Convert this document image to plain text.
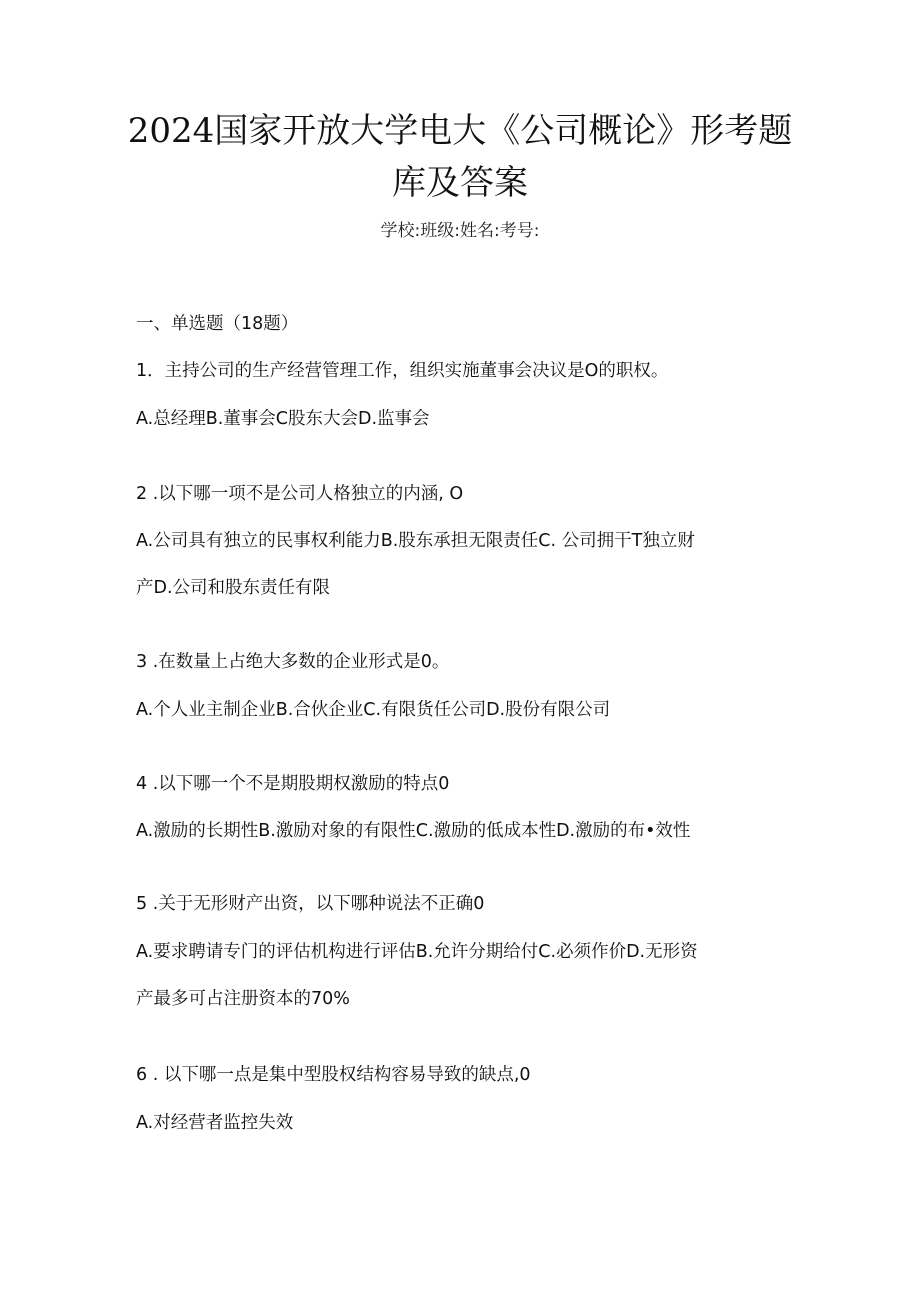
2024国家开放大学电大《公司概论》形考题
库及答案
学校:班级:姓名:考号:
一、单选题（18题）
1．主持公司的生产经营管理工作，组织实施董事会决议是O的职权。
A.总经理B.董事会C股东大会D.监事会
2 .以下哪一项不是公司人格独立的内涵, O
A.公司具有独立的民事权利能力B.股东承担无限责任C. 公司拥干T独立财
产D.公司和股东责任有限
3 .在数量上占绝大多数的企业形式是0。
A.个人业主制企业B.合伙企业C.有限货任公司D.股份有限公司
4 .以下哪一个不是期股期权激励的特点0
A.激励的长期性B.激励对象的有限性C.激励的低成本性D.激励的布•效性
5 .关于无形财产出资，以下哪种说法不正确0
A.要求聘请专门的评估机构进行评估B.允许分期给付C.必须作价D.无形资
产最多可占注册资本的70%
6 . 以下哪一点是集中型股权结构容易导致的缺点,0
A.对经营者监控失效
